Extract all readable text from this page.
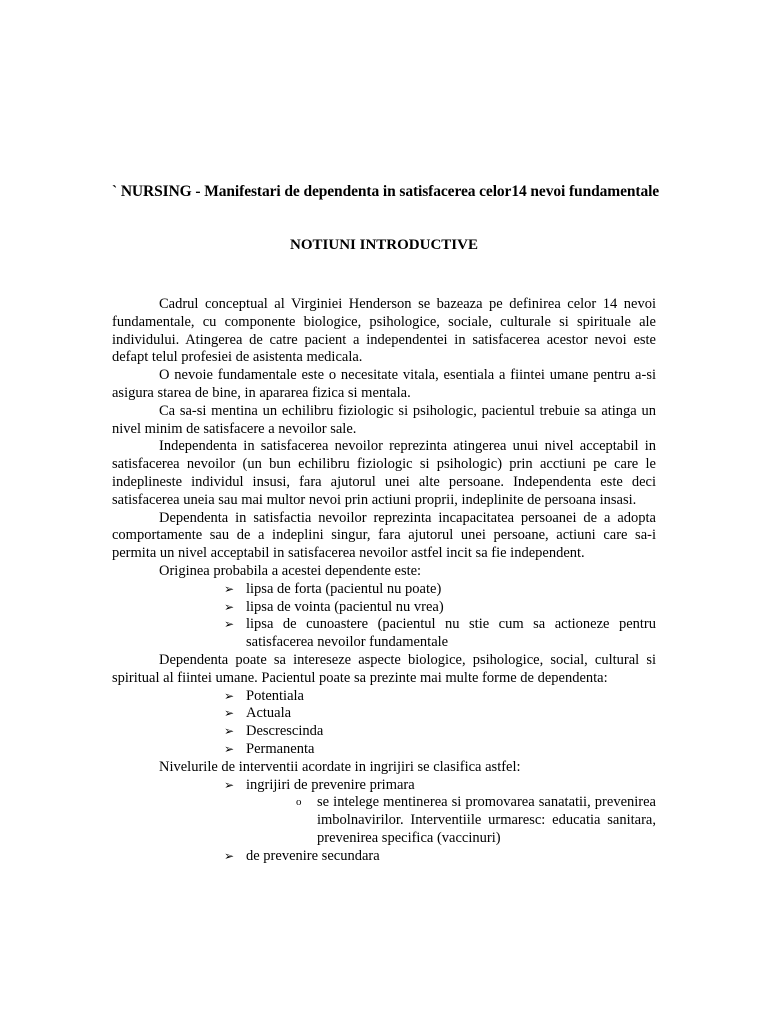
` NURSING - Manifestari de dependenta in satisfacerea celor14 nevoi fundamentale
NOTIUNI INTRODUCTIVE

Cadrul conceptual al Virginiei Henderson se bazeaza pe definirea celor 14 nevoi fundamentale, cu componente biologice, psihologice, sociale, culturale si spirituale ale individului. Atingerea de catre pacient a independentei in satisfacerea acestor nevoi este defapt telul profesiei de asistenta medicala.

O nevoie fundamentale este o necesitate vitala, esentiala a fiintei umane pentru a-si asigura starea de bine, in apararea fizica si mentala.

Ca sa-si mentina un echilibru fiziologic si psihologic, pacientul trebuie sa atinga un nivel minim de satisfacere a nevoilor sale.

Independenta in satisfacerea nevoilor reprezinta atingerea unui nivel acceptabil in satisfacerea nevoilor (un bun echilibru fiziologic si psihologic) prin acctiuni pe care le indeplineste individul insusi, fara ajutorul unei alte persoane. Independenta este deci satisfacerea uneia sau mai multor nevoi prin actiuni proprii, indeplinite de persoana insasi.

Dependenta in satisfactia nevoilor reprezinta incapacitatea persoanei de a adopta comportamente sau de a indeplini singur, fara ajutorul unei persoane, actiuni care sa-i permita un nivel acceptabil in satisfacerea nevoilor astfel incit sa fie independent.

Originea probabila a acestei dependente este:

➢ lipsa de forta (pacientul nu poate)
➢ lipsa de vointa (pacientul nu vrea)
➢ lipsa de cunoastere (pacientul nu stie cum sa actioneze pentru satisfacerea nevoilor fundamentale

Dependenta poate sa intereseze aspecte biologice, psihologice, social, cultural si spiritual al fiintei umane. Pacientul poate sa prezinte mai multe forme de dependenta:

➢ Potentiala
➢ Actuala
➢ Descrescinda
➢ Permanenta

Nivelurile de interventii acordate in ingrijiri se clasifica astfel:

➢ ingrijiri de prevenire primara
o se intelege mentinerea si promovarea sanatatii, prevenirea imbolnavirilor. Interventiile urmaresc: educatia sanitara, prevenirea specifica (vaccinuri)
➢ de prevenire secundara
